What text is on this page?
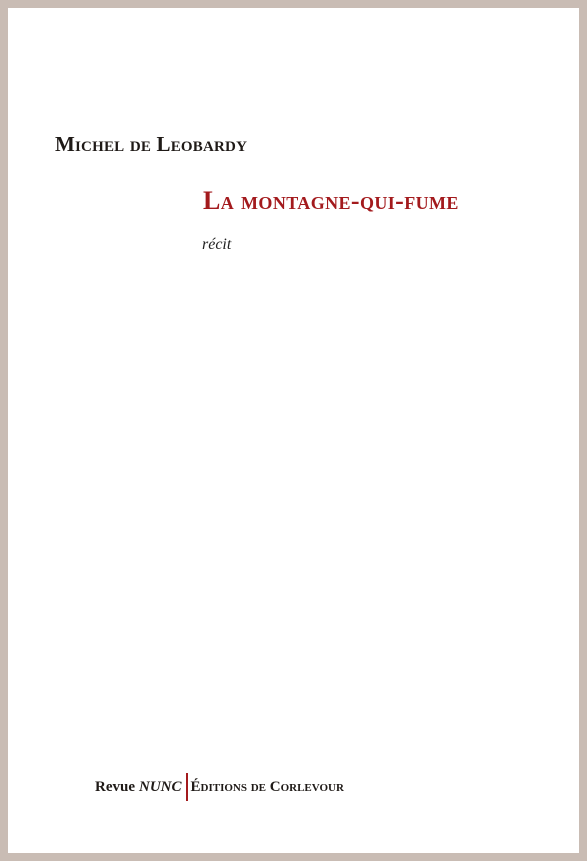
Michel de Leobardy
La montagne-qui-fume
récit
Revue NUNC Éditions de Corlevour
